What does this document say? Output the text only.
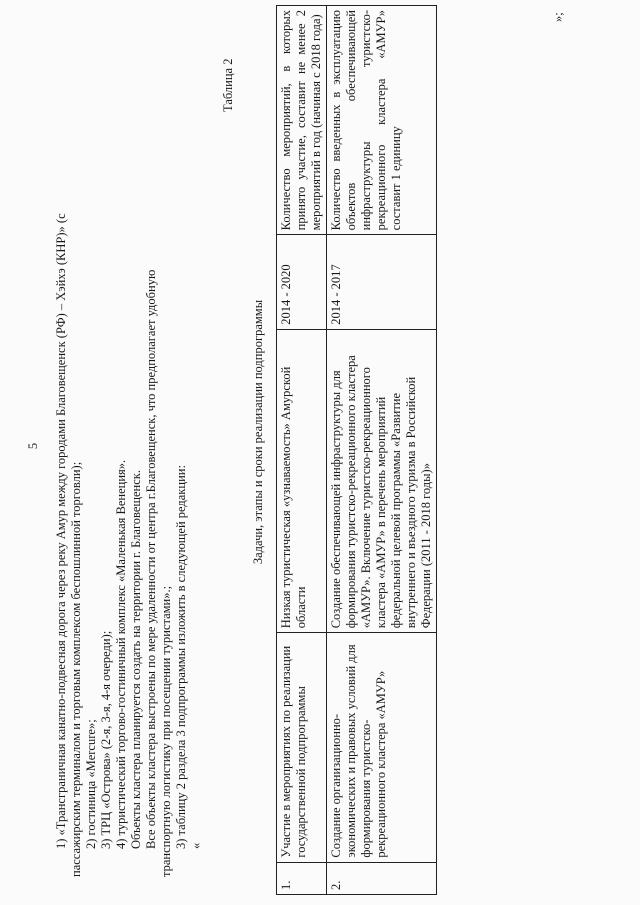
5 1) «Трансграничная канатно-подвесная дорога через реку Амур между городами Благовещенск (РФ) – Хэйхэ (КНР)» (с пассажирским терминалом и торговым комплексом беспошлинной торговли); 2) гостиница «Mercure»; 3) ТРЦ «Острова» (2-я, 3-я, 4-я очереди); 4) туристический торгово-гостиничный комплекс «Маленькая Венеция». Объекты кластера планируется создать на территории г. Благовещенск. Все объекты кластера выстроены по мере удаленности от центра г.Благовещенск, что предполагает удобную транспортную логистику при посещении туристами».; 3) таблицу 2 раздела 3 подпрограммы изложить в следующей редакции: «

Таблица 2
Задачи, этапы и сроки реализации подпрограммы
1.	Участие в мероприятиях по реализации государственной подпрограммы	Низкая туристическая «узнаваемость» Амурской области	2014 - 2020	Количество мероприятий, в которых принято участие, составит не менее 2 мероприятий в год (начиная с 2018 года)
2.	Создание организационно-экономических и правовых условий для формирования туристско-рекреационного кластера «АМУР»	Создание обеспечивающей инфраструктуры для формирования туристско-рекреационного кластера «АМУР». Включение туристско-рекреационного кластера «АМУР» в перечень мероприятий федеральной целевой программы «Развитие внутреннего и въездного туризма в Российской Федерации (2011 - 2018 годы)»	2014 - 2017	Количество введенных в эксплуатацию объектов обеспечивающей инфраструктуры туристско-рекреационного кластера «АМУР» составит 1 единицу
»;
